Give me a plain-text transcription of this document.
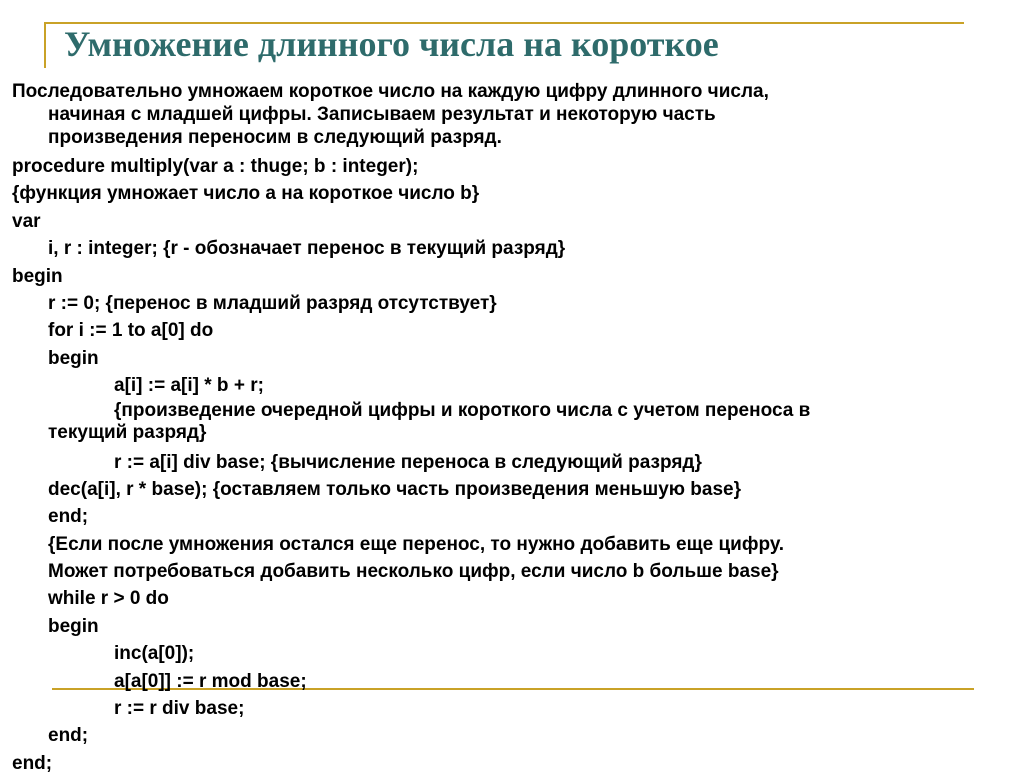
Умножение длинного числа на короткое
Последовательно умножаем короткое число на каждую цифру длинного числа,
начиная с младшей цифры. Записываем результат и некоторую часть
произведения переносим в следующий разряд.
procedure multiply(var a : thuge; b : integer);
{функция умножает число a на короткое число b}
var
i, r : integer; {r - обозначает перенос в текущий разряд}
begin
r := 0; {перенос в младший разряд отсутствует}
for i := 1 to a[0] do
begin
a[i] := a[i] * b + r;
{произведение очередной цифры и короткого числа с учетом переноса в
текущий разряд}
r := a[i] div base; {вычисление переноса в следующий разряд}
dec(a[i], r * base); {оставляем только часть произведения меньшую base}
end;
{Если после умножения остался еще перенос, то нужно добавить еще цифру.
Может потребоваться добавить несколько цифр, если число b больше base}
while r > 0 do
begin
inc(a[0]);
a[a[0]] := r mod base;
r := r div base;
end;
end;
